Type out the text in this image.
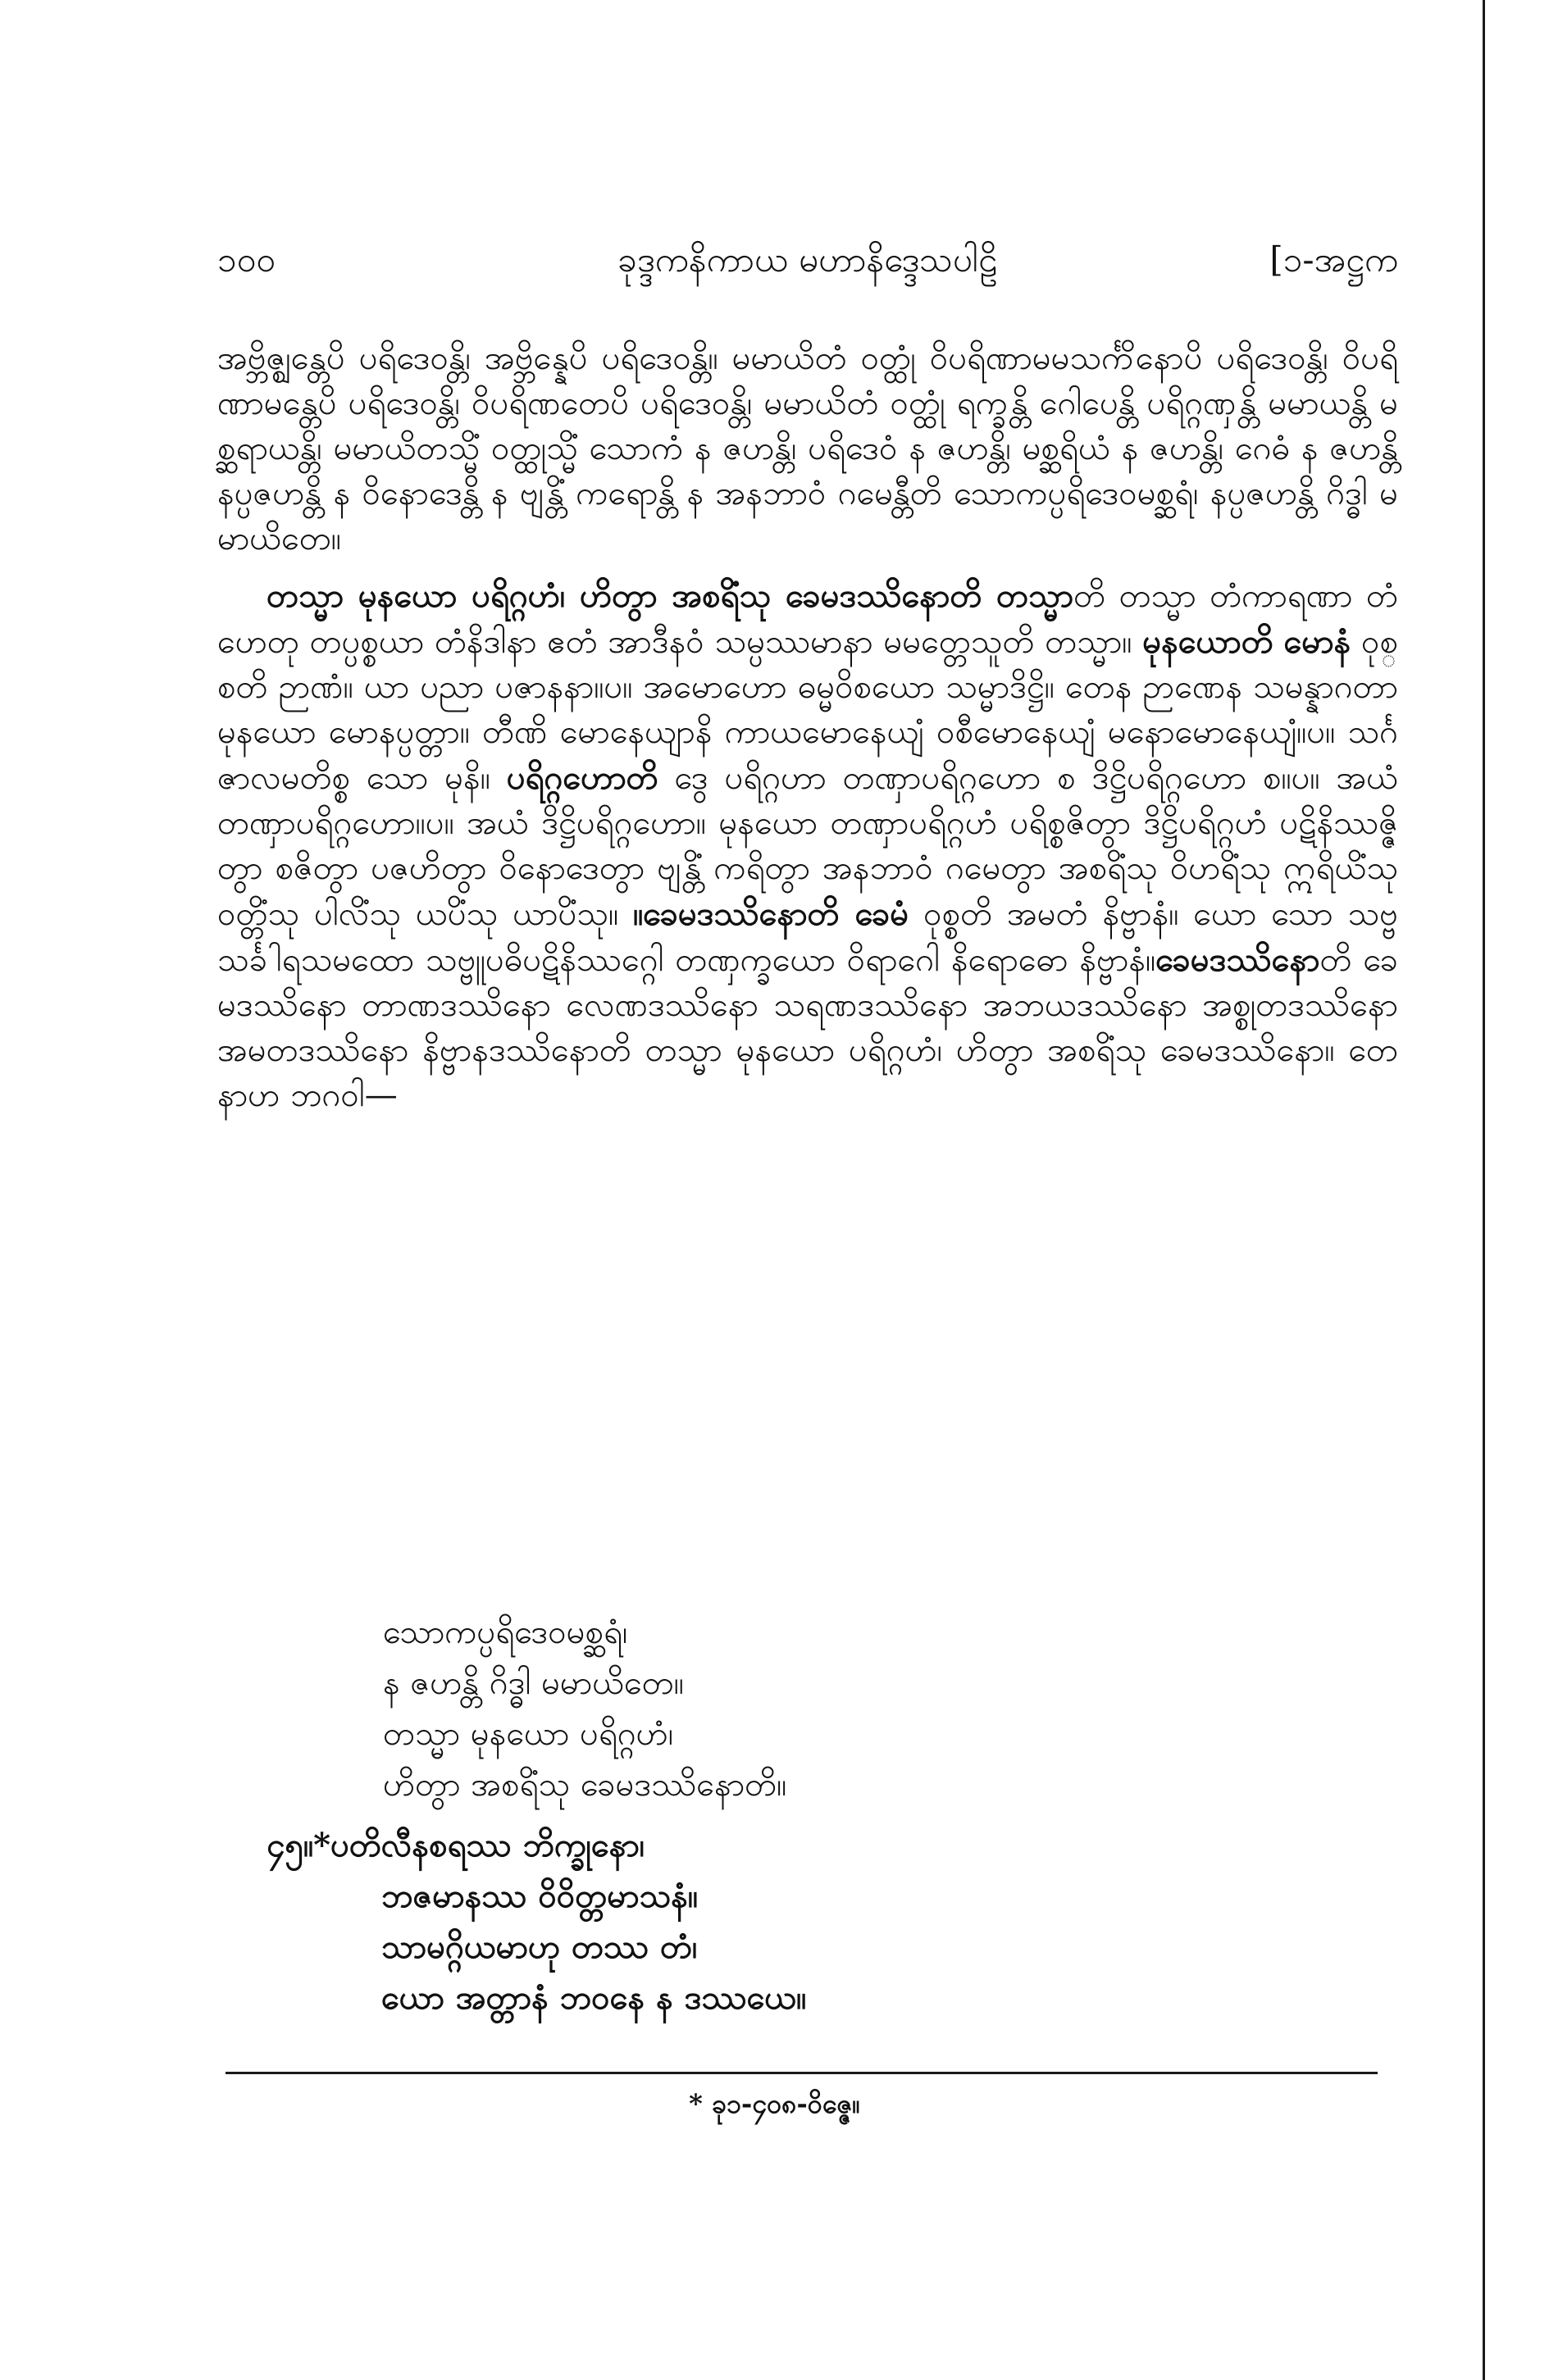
၁၀၀	ခုဒ္ဒကနိကာယ မဟာနိဒ္ဒေသပါဠိ	[၁-အဋ္ဌက

အဗ္ဘိဇ္ဈန္တေပိ ပရိဒေဝန္တိ၊ အဗ္ဘိန္နေပိ ပရိဒေဝန္တိ။ မမာယိတံ ဝတ္ထုံ ဝိပရိဏာမမသင်္ကိနောပိ ပရိဒေဝန္တိ၊ ဝိပရိဏာမန္တေပိ ပရိဒေဝန္တိ၊ ဝိပရိဏတေပိ ပရိဒေဝန္တိ၊ မမာယိတံ ဝတ္ထုံ ရက္ခန္တိ ဂေါပေန္တိ ပရိဂ္ဂဏှန္တိ မမာယန္တိ မစ္ဆရာယန္တိ၊ မမာယိတသ္မိံ ဝတ္ထုသ္မိံ သောကံ န ဇဟန္တိ၊ ပရိဒေဝံ န ဇဟန္တိ၊ မစ္ဆရိယံ န ဇဟန္တိ၊ ဂေဓံ န ဇဟန္တိ နပ္ပဇဟန္တိ န ဝိနောဒေန္တိ န ဗျန္တိံ ကရောန္တိ န အနဘာဝံ ဂမေန္တီတိ သောကပ္ပရိဒေဝမစ္ဆရံ၊ နပ္ပဇဟန္တိ ဂိဒ္ဓါ မမာယိတေ။

တသ္မာ မုနယော ပရိဂ္ဂဟံ၊ ဟိတွာ အစရိံသု ခေမဒဿိနောတိ တသ္မာတိ တသ္မာ တံကာရဏာ တံဟေတု တပ္ပစ္စယာ တံနိဒါနာ ဧတံ အာဒီနဝံ သမ္ပဿမာနာ မမတ္တေသူတိ တသ္မာ။ မုနယောတိ မောနံ ဝုစ္စတိ ဉာဏံ။ ယာ ပညာ ပဇာနနာ။ပ။ အမောဟော ဓမ္မဝိစယော သမ္မာဒိဋ္ဌိ။ တေန ဉာဏေန သမန္နာဂတာ မုနယော မောနပ္ပတ္တာ။ တီဏိ မောနေယျာနိ ကာယမောနေယျံ ဝစီမောနေယျံ မနောမောနေယျံ။ပ။ သင်္ဂဇာလမတိစ္စ သော မုနိ။ ပရိဂ္ဂဟောတိ ဒွေ ပရိဂ္ဂဟာ တဏှာပရိဂ္ဂဟော စ ဒိဋ္ဌိပရိဂ္ဂဟော စ။ပ။ အယံ တဏှာပရိဂ္ဂဟော။ပ။ အယံ ဒိဋ္ဌိပရိဂ္ဂဟော။ မုနယော တဏှာပရိဂ္ဂဟံ ပရိစ္စဇိတွာ ဒိဋ္ဌိပရိဂ္ဂဟံ ပဋိနိဿဇ္ဇိတွာ စဇိတွာ ပဇဟိတွာ ဝိနောဒေတွာ ဗျန္တိံ ကရိတွာ အနဘာဝံ ဂမေတွာ အစရိံသု ဝိဟရိံသု ဣရိယိံသု ဝတ္တိံသု ပါလိံသု ယပိံသု ယာပိံသု။ ။ခေမဒဿိနောတိ ခေမံ ဝုစ္စတိ အမတံ နိဗ္ဗာနံ။ ယော သော သဗ္ဗသင်္ခါရသမထော သဗ္ဗူပဓိပဋိနိဿဂ္ဂေါ တဏှက္ခယော ဝိရာဂေါ နိရောဓော နိဗ္ဗာနံ။ခေမဒဿိနောတိ ခေမဒဿိနော တာဏဒဿိနော လေဏဒဿိနော သရဏဒဿိနော အဘယဒဿိနော အစ္စုတဒဿိနော အမတဒဿိနော နိဗ္ဗာနဒဿိနောတိ တသ္မာ မုနယော ပရိဂ္ဂဟံ၊ ဟိတွာ အစရိံသု ခေမဒဿိနော။ တေနာဟ ဘဂဝါ—

သောကပ္ပရိဒေဝမစ္ဆရံ၊
န ဇဟန္တိ ဂိဒ္ဓါ မမာယိတေ။
တသ္မာ မုနယော ပရိဂ္ဂဟံ၊
ဟိတွာ အစရိံသု ခေမဒဿိနောတိ။
၄၅။*ပတိလီနစရဿ ဘိက္ခုနော၊
ဘဇမာနဿ ဝိဝိတ္တမာသနံ။
သာမဂ္ဂိယမာဟု တဿ တံ၊
ယော အတ္တာနံ ဘဝနေ န ဒဿယေ။
* ခု၁-၄၀၈-ဝိဇ္ဇေ။
